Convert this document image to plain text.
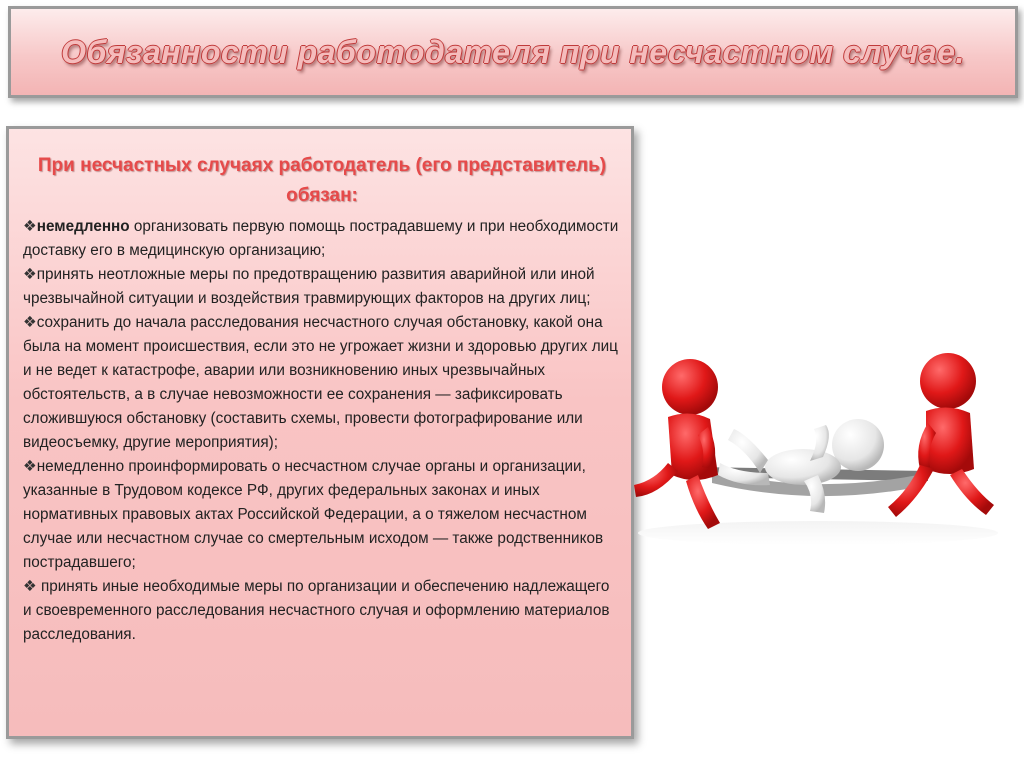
Обязанности работодателя при несчастном случае.
При несчастных случаях работодатель (его представитель) обязан:
❖немедленно организовать первую помощь пострадавшему и при необходимости доставку его в медицинскую организацию;
❖принять неотложные меры по предотвращению развития аварийной или иной чрезвычайной ситуации и воздействия травмирующих факторов на других лиц;
❖сохранить до начала расследования несчастного случая обстановку, какой она была на момент происшествия, если это не угрожает жизни и здоровью других лиц и не ведет к катастрофе, аварии или возникновению иных чрезвычайных обстоятельств, а в случае невозможности ее сохранения — зафиксировать сложившуюся обстановку (составить схемы, провести фотографирование или видеосъемку, другие мероприятия);
❖немедленно проинформировать о несчастном случае органы и организации, указанные в Трудовом кодексе РФ, других федеральных законах и иных нормативных правовых актах Российской Федерации, а о тяжелом несчастном случае или несчастном случае со смертельным исходом — также родственников пострадавшего;
❖ принять иные необходимые меры по организации и обеспечению надлежащего и своевременного расследования несчастного случая и оформлению материалов расследования.
